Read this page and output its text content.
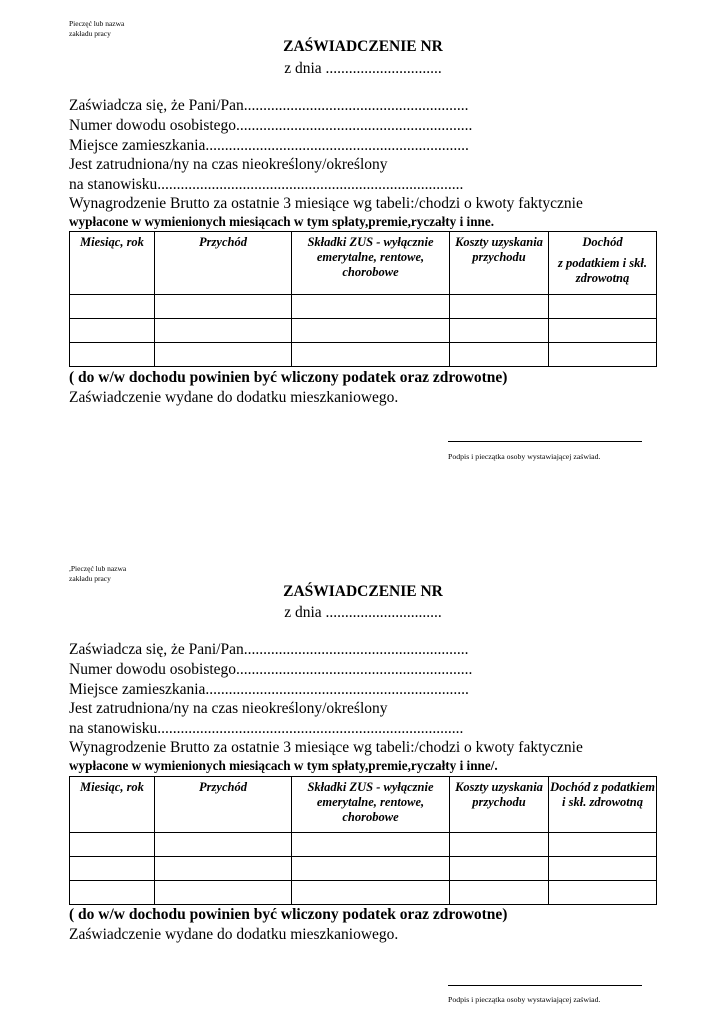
Pieczęć lub nazwa
zakładu pracy
ZAŚWIADCZENIE NR
z dnia ..............................
Zaświadcza się, że Pani/Pan..........................................................
Numer dowodu osobistego.............................................................
Miejsce zamieszkania....................................................................
Jest zatrudniona/ny na czas nieokreślony/określony
na stanowisku...............................................................................
Wynagrodzenie Brutto za ostatnie 3 miesiące wg tabeli:/chodzi o kwoty faktycznie
wypłacone w wymienionych miesiącach w tym spłaty,premie,ryczałty i inne.
Miesiąc, rok	Przychód	Składki ZUS - wyłącznie emerytalne, rentowe, chorobowe	Koszty uzyskania przychodu	Dochód
z podatkiem i skł. zdrowotną

( do w/w dochodu powinien być wliczony podatek oraz zdrowotne)
Zaświadczenie wydane do dodatku mieszkaniowego.
Podpis i pieczątka osoby wystawiającej zaświad.
,Pieczęć lub nazwa
zakładu pracy
ZAŚWIADCZENIE NR
z dnia ..............................
Zaświadcza się, że Pani/Pan..........................................................
Numer dowodu osobistego.............................................................
Miejsce zamieszkania....................................................................
Jest zatrudniona/ny na czas nieokreślony/określony
na stanowisku...............................................................................
Wynagrodzenie Brutto za ostatnie 3 miesiące wg tabeli:/chodzi o kwoty faktycznie
wypłacone w wymienionych miesiącach w tym spłaty,premie,ryczałty i inne/.
Miesiąc, rok	Przychód	Składki ZUS - wyłącznie emerytalne, rentowe, chorobowe	Koszty uzyskania przychodu	Dochód z podatkiem i skł. zdrowotną

( do w/w dochodu powinien być wliczony podatek oraz zdrowotne)
Zaświadczenie wydane do dodatku mieszkaniowego.
Podpis i pieczątka osoby wystawiającej zaświad.
